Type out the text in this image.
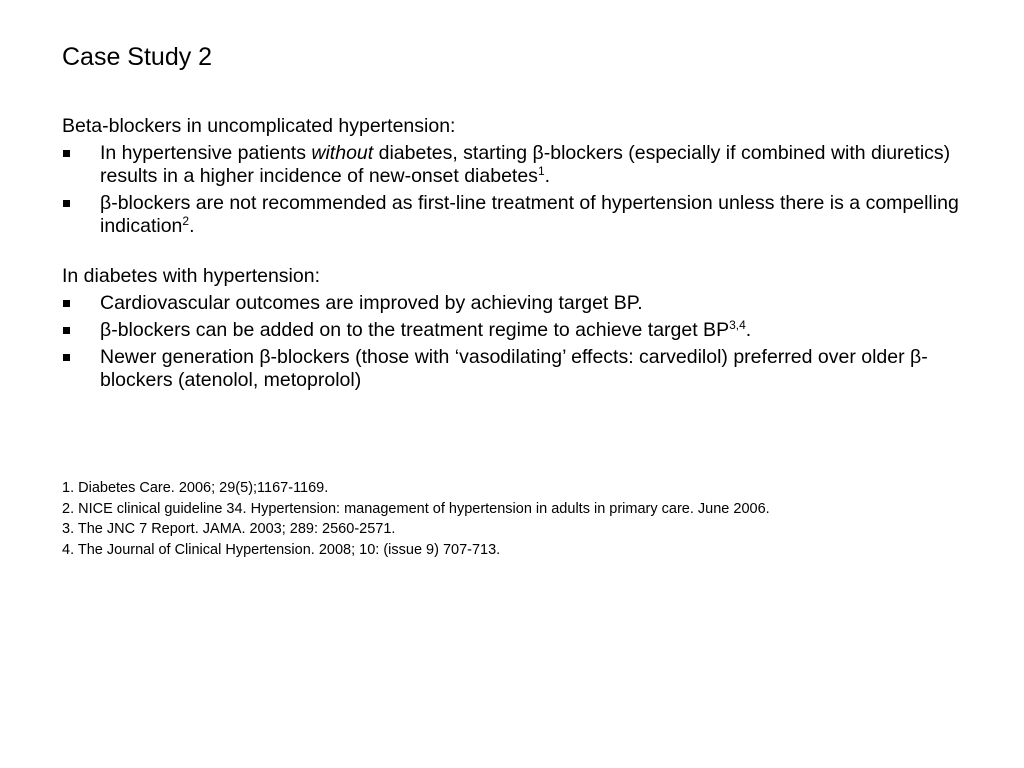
Case Study 2
Beta-blockers in uncomplicated hypertension:
In hypertensive patients without diabetes, starting β-blockers (especially if combined with diuretics) results in a higher incidence of new-onset diabetes$^1$.
β-blockers are not recommended as first-line treatment of hypertension unless there is a compelling indication$^2$.
In diabetes with hypertension:
Cardiovascular outcomes are improved by achieving target BP.
β-blockers can be added on to the treatment regime to achieve target BP$^{3,4}$.
Newer generation β-blockers (those with ‘vasodilating’ effects: carvedilol) preferred over older β-blockers (atenolol, metoprolol)
1. Diabetes Care. 2006; 29(5);1167-1169.
2. NICE clinical guideline 34. Hypertension: management of hypertension in adults in primary care. June 2006.
3. The JNC 7 Report. JAMA. 2003; 289: 2560-2571.
4. The Journal of Clinical Hypertension. 2008; 10: (issue 9) 707-713.
